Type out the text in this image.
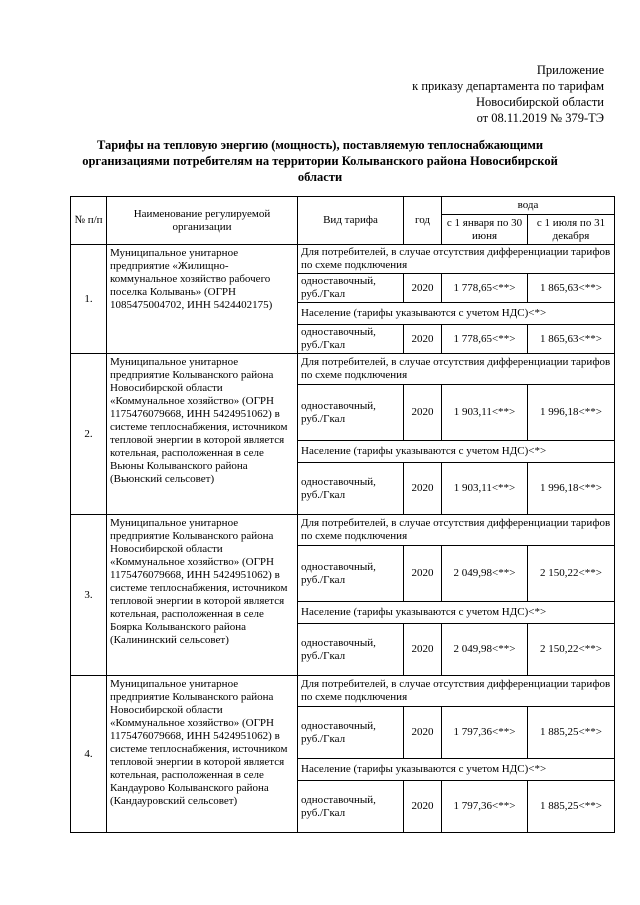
Приложение
к приказу департамента по тарифам
Новосибирской области
от 08.11.2019 № 379-ТЭ
Тарифы на тепловую энергию (мощность), поставляемую теплоснабжающими организациями потребителям на территории Колыванского района Новосибирской области
№ п/п	Наименование регулируемой организации	Вид тарифа	год	вода	
				с 1 января по 30 июня	с 1 июля по 31 декабря
1.	Муниципальное унитарное предприятие «Жилищно-коммунальное хозяйство рабочего поселка Колывань» (ОГРН 1085475004702, ИНН 5424402175)	Для потребителей, в случае отсутствия дифференциации тарифов по схеме подключения			
		одноставочный, руб./Гкал	2020	1 778,65<**>	1 865,63<**>
		Население (тарифы указываются с учетом НДС)<*>			
		одноставочный, руб./Гкал	2020	1 778,65<**>	1 865,63<**>
2.	Муниципальное унитарное предприятие Колыванского района Новосибирской области «Коммунальное хозяйство» (ОГРН 1175476079668, ИНН 5424951062) в системе теплоснабжения, источником тепловой энергии в которой является котельная, расположенная в селе Вьюны Колыванского района (Вьюнский сельсовет)	Для потребителей, в случае отсутствия дифференциации тарифов по схеме подключения			
		одноставочный, руб./Гкал	2020	1 903,11<**>	1 996,18<**>
		Население (тарифы указываются с учетом НДС)<*>			
		одноставочный, руб./Гкал	2020	1 903,11<**>	1 996,18<**>
3.	Муниципальное унитарное предприятие Колыванского района Новосибирской области «Коммунальное хозяйство» (ОГРН 1175476079668, ИНН 5424951062) в системе теплоснабжения, источником тепловой энергии в которой является котельная, расположенная в селе Боярка Колыванского района (Калининский сельсовет)	Для потребителей, в случае отсутствия дифференциации тарифов по схеме подключения			
		одноставочный, руб./Гкал	2020	2 049,98<**>	2 150,22<**>
		Население (тарифы указываются с учетом НДС)<*>			
		одноставочный, руб./Гкал	2020	2 049,98<**>	2 150,22<**>
4.	Муниципальное унитарное предприятие Колыванского района Новосибирской области «Коммунальное хозяйство» (ОГРН 1175476079668, ИНН 5424951062) в системе теплоснабжения, источником тепловой энергии в которой является котельная, расположенная в селе Кандаурово Колыванского района (Кандауровский сельсовет)	Для потребителей, в случае отсутствия дифференциации тарифов по схеме подключения			
		одноставочный, руб./Гкал	2020	1 797,36<**>	1 885,25<**>
		Население (тарифы указываются с учетом НДС)<*>			
		одноставочный, руб./Гкал	2020	1 797,36<**>	1 885,25<**>
